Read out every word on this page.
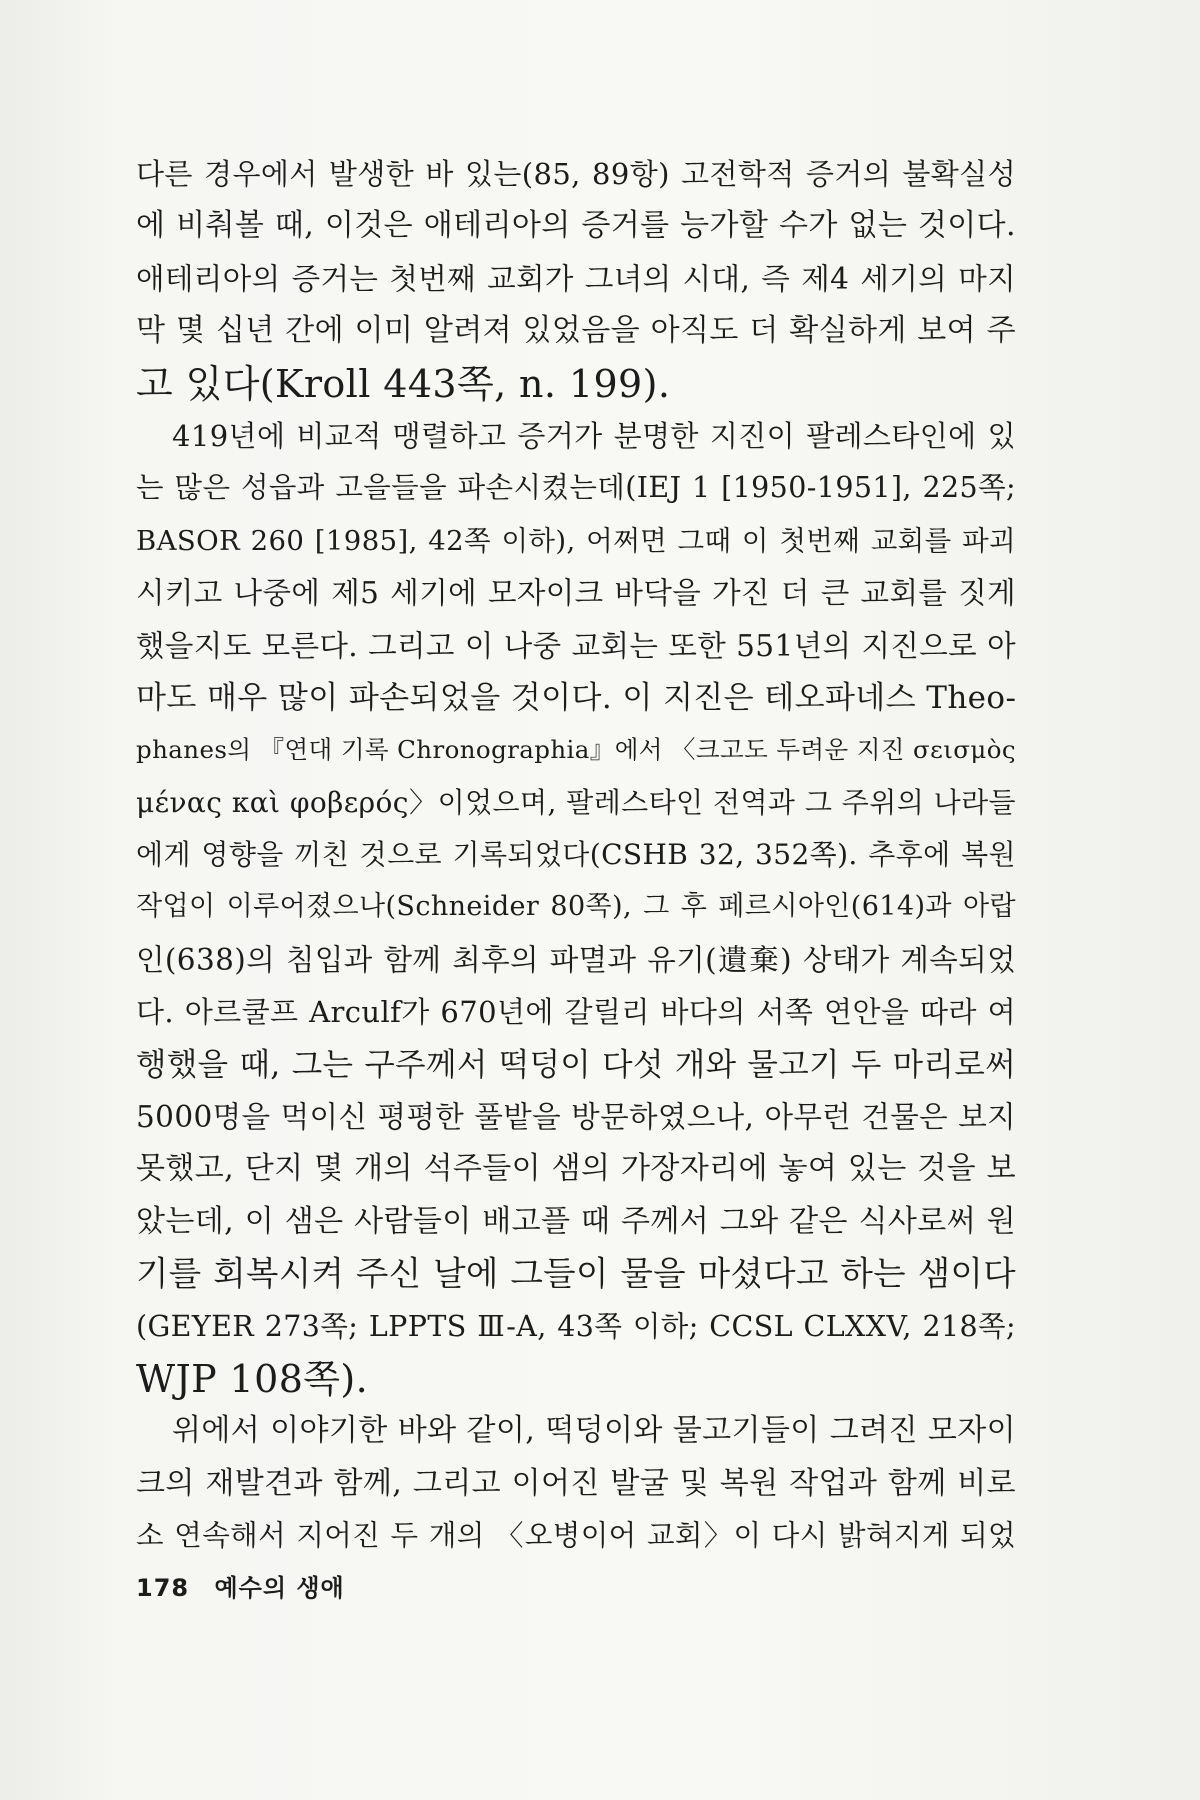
다른 경우에서 발생한 바 있는(85, 89항) 고전학적 증거의 불확실성
에 비춰볼 때, 이것은 애테리아의 증거를 능가할 수가 없는 것이다.
애테리아의 증거는 첫번째 교회가 그녀의 시대, 즉 제4 세기의 마지
막 몇 십년 간에 이미 알려져 있었음을 아직도 더 확실하게 보여 주
고 있다(Kroll 443쪽, n. 199).
419년에 비교적 맹렬하고 증거가 분명한 지진이 팔레스타인에 있
는 많은 성읍과 고을들을 파손시켰는데(IEJ 1 [1950-1951], 225쪽;
BASOR 260 [1985], 42쪽 이하), 어쩌면 그때 이 첫번째 교회를 파괴
시키고 나중에 제5 세기에 모자이크 바닥을 가진 더 큰 교회를 짓게
했을지도 모른다. 그리고 이 나중 교회는 또한 551년의 지진으로 아
마도 매우 많이 파손되었을 것이다. 이 지진은 테오파네스 Theo-
phanes의 『연대 기록 Chronographia』에서 〈크고도 두려운 지진 σεισμὸς
μένας καὶ φοβερός〉이었으며, 팔레스타인 전역과 그 주위의 나라들
에게 영향을 끼친 것으로 기록되었다(CSHB 32, 352쪽). 추후에 복원
작업이 이루어졌으나(Schneider 80쪽), 그 후 페르시아인(614)과 아랍
인(638)의 침입과 함께 최후의 파멸과 유기(遺棄) 상태가 계속되었
다. 아르쿨프 Arculf가 670년에 갈릴리 바다의 서쪽 연안을 따라 여
행했을 때, 그는 구주께서 떡덩이 다섯 개와 물고기 두 마리로써
5000명을 먹이신 평평한 풀밭을 방문하였으나, 아무런 건물은 보지
못했고, 단지 몇 개의 석주들이 샘의 가장자리에 놓여 있는 것을 보
았는데, 이 샘은 사람들이 배고플 때 주께서 그와 같은 식사로써 원
기를 회복시켜 주신 날에 그들이 물을 마셨다고 하는 샘이다
(GEYER 273쪽; LPPTS Ⅲ-A, 43쪽 이하; CCSL CLXXV, 218쪽;
WJP 108쪽).
위에서 이야기한 바와 같이, 떡덩이와 물고기들이 그려진 모자이
크의 재발견과 함께, 그리고 이어진 발굴 및 복원 작업과 함께 비로
소 연속해서 지어진 두 개의 〈오병이어 교회〉이 다시 밝혀지게 되었
178 예수의 생애
